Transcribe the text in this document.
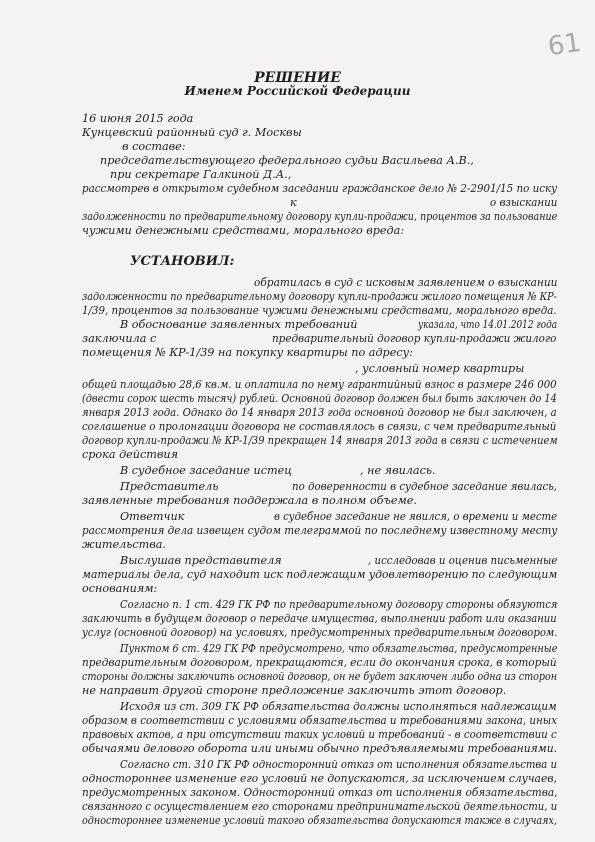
61
РЕШЕНИЕ
Именем Российской Федерации
16 июня 2015 года
Кунцевский районный суд г. Москвы
в составе:
председательствующего федерального судьи Васильева А.В.,
при секретаре Галкиной Д.А.,
рассмотрев в открытом судебном заседании гражданское дело № 2-2901/15 по иску
к	о взыскании
задолженности по предварительному договору купли-продажи, процентов за пользование
чужими денежными средствами, морального вреда:
УСТАНОВИЛ:
обратилась в суд с исковым заявлением о взыскании
задолженности по предварительному договору купли-продажи жилого помещения № КР-
1/39, процентов за пользование чужими денежными средствами, морального вреда.
В обоснование заявленных требований	указала, что 14.01.2012 года
заключила с	предварительный договор купли-продажи жилого
помещения № КР-1/39 на покупку квартиры по адресу:
, условный номер квартиры
общей площадью 28,6 кв.м. и оплатила по нему гарантийный взнос в размере 246 000
(двести сорок шесть тысяч) рублей. Основной договор должен был быть заключен до 14
января 2013 года. Однако до 14 января 2013 года основной договор не был заключен, а
соглашение о пролонгации договора не составлялось в связи, с чем предварительный
договор купли-продажи № КР-1/39 прекращен 14 января 2013 года в связи с истечением
срока действия
В судебное заседание истец	, не явилась.
Представитель	по доверенности в судебное заседание явилась,
заявленные требования поддержала в полном объеме.
Ответчик	в судебное заседание не явился, о времени и месте
рассмотрения дела извещен судом телеграммой по последнему известному месту
жительства.
Выслушав представителя	, исследовав и оценив письменные
материалы дела, суд находит иск подлежащим удовлетворению по следующим
основаниям:
Согласно п. 1 ст. 429 ГК РФ по предварительному договору стороны обязуются
заключить в будущем договор о передаче имущества, выполнении работ или оказании
услуг (основной договор) на условиях, предусмотренных предварительным договором.
Пунктом 6 ст. 429 ГК РФ предусмотрено, что обязательства, предусмотренные
предварительным договором, прекращаются, если до окончания срока, в который
стороны должны заключить основной договор, он не будет заключен либо одна из сторон
не направит другой стороне предложение заключить этот договор.
Исходя из ст. 309 ГК РФ обязательства должны исполняться надлежащим
образом в соответствии с условиями обязательства и требованиями закона, иных
правовых актов, а при отсутствии таких условий и требований - в соответствии с
обычаями делового оборота или иными обычно предъявляемыми требованиями.
Согласно ст. 310 ГК РФ односторонний отказ от исполнения обязательства и
одностороннее изменение его условий не допускаются, за исключением случаев,
предусмотренных законом. Односторонний отказ от исполнения обязательства,
связанного с осуществлением его сторонами предпринимательской деятельности, и
одностороннее изменение условий такого обязательства допускаются также в случаях,
